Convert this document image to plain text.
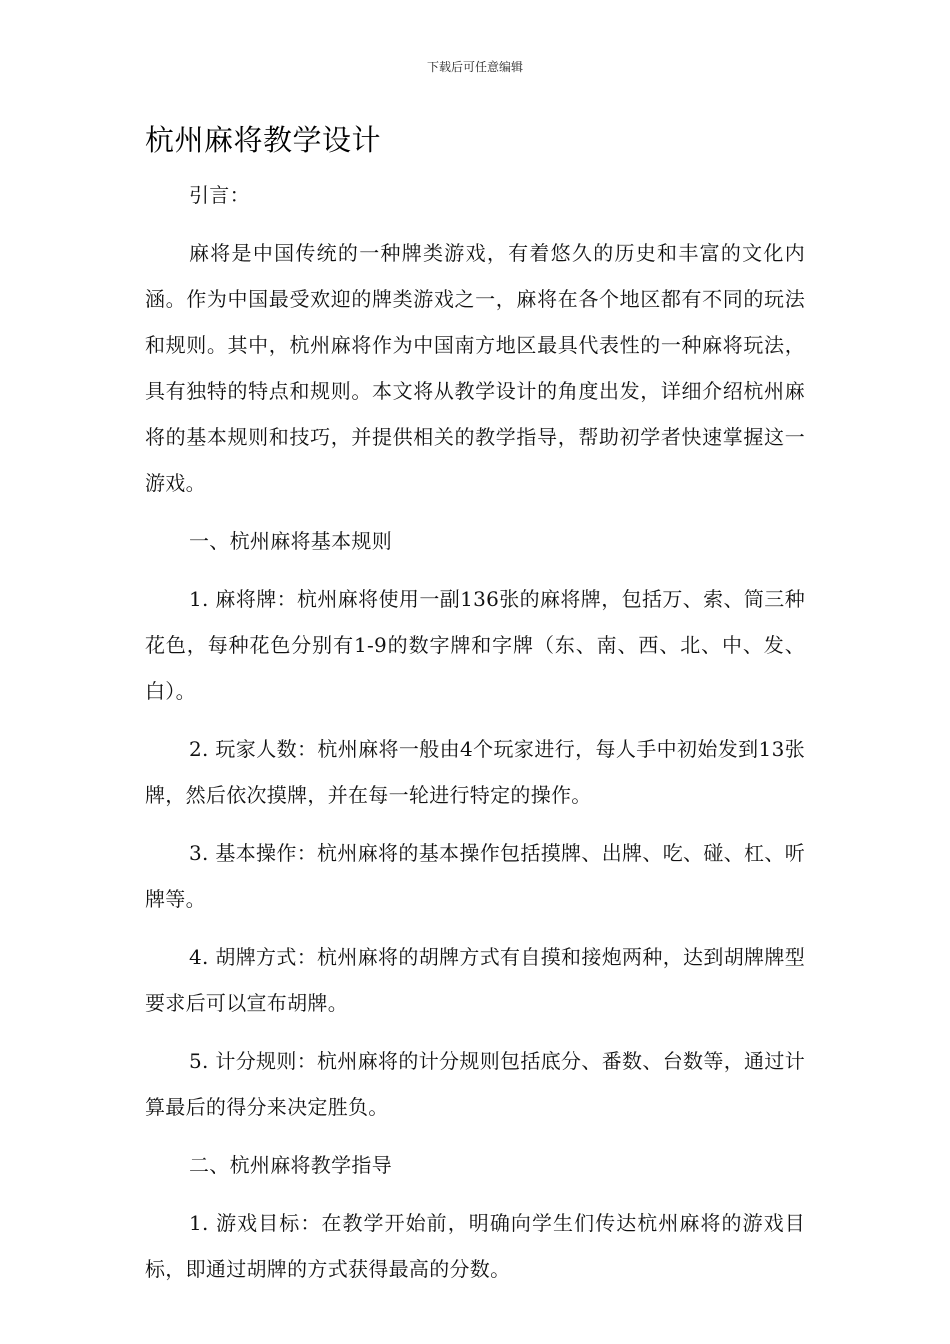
下载后可任意编辑
杭州麻将教学设计

引言：

麻将是中国传统的一种牌类游戏，有着悠久的历史和丰富的文化内涵。作为中国最受欢迎的牌类游戏之一，麻将在各个地区都有不同的玩法和规则。其中，杭州麻将作为中国南方地区最具代表性的一种麻将玩法，具有独特的特点和规则。本文将从教学设计的角度出发，详细介绍杭州麻将的基本规则和技巧，并提供相关的教学指导，帮助初学者快速掌握这一游戏。

一、杭州麻将基本规则

1. 麻将牌：杭州麻将使用一副136张的麻将牌，包括万、索、筒三种花色，每种花色分别有1-9的数字牌和字牌（东、南、西、北、中、发、白）。

2. 玩家人数：杭州麻将一般由4个玩家进行，每人手中初始发到13张牌，然后依次摸牌，并在每一轮进行特定的操作。

3. 基本操作：杭州麻将的基本操作包括摸牌、出牌、吃、碰、杠、听牌等。

4. 胡牌方式：杭州麻将的胡牌方式有自摸和接炮两种，达到胡牌牌型要求后可以宣布胡牌。

5. 计分规则：杭州麻将的计分规则包括底分、番数、台数等，通过计算最后的得分来决定胜负。

二、杭州麻将教学指导

1. 游戏目标：在教学开始前，明确向学生们传达杭州麻将的游戏目标，即通过胡牌的方式获得最高的分数。
